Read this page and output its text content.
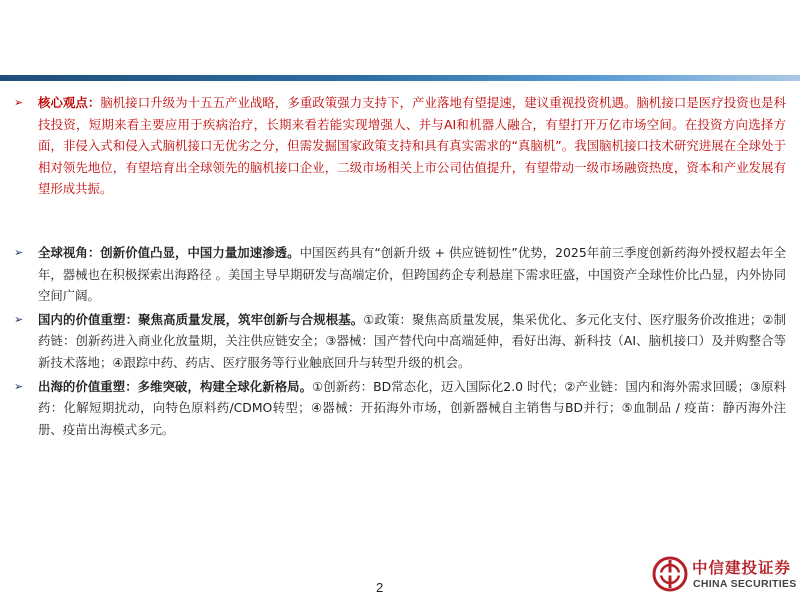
➢ 核心观点：脑机接口升级为十五五产业战略，多重政策强力支持下，产业落地有望提速，建议重视投资机遇。脑机接口是医疗投资也是科技投资，短期来看主要应用于疾病治疗，长期来看若能实现增强人、并与AI和机器人融合，有望打开万亿市场空间。在投资方向选择方面，非侵入式和侵入式脑机接口无优劣之分，但需发掘国家政策支持和具有真实需求的“真脑机”。我国脑机接口技术研究进展在全球处于相对领先地位，有望培育出全球领先的脑机接口企业，二级市场相关上市公司估值提升，有望带动一级市场融资热度，资本和产业发展有望形成共振。
➢ 全球视角：创新价值凸显，中国力量加速渗透。中国医药具有“创新升级 + 供应链韧性”优势，2025年前三季度创新药海外授权超去年全年，器械也在积极探索出海路径 。美国主导早期研发与高端定价，但跨国药企专利悬崖下需求旺盛，中国资产全球性价比凸显，内外协同空间广阔。
➢ 国内的价值重塑：聚焦高质量发展，筑牢创新与合规根基。①政策：聚焦高质量发展，集采优化、多元化支付、医疗服务价改推进；②制药链：创新药进入商业化放量期，关注供应链安全；③器械：国产替代向中高端延伸，看好出海、新科技（AI、脑机接口）及并购整合等新技术落地；④跟踪中药、药店、医疗服务等行业触底回升与转型升级的机会。
➢ 出海的价值重塑：多维突破，构建全球化新格局。①创新药：BD常态化，迈入国际化2.0 时代；②产业链：国内和海外需求回暖；③原料药：化解短期扰动，向特色原料药/CDMO转型；④器械：开拓海外市场，创新器械自主销售与BD并行；⑤血制品 / 疫苗：静丙海外注册、疫苗出海模式多元。
2
中信建投证券
CHINA SECURITIES
